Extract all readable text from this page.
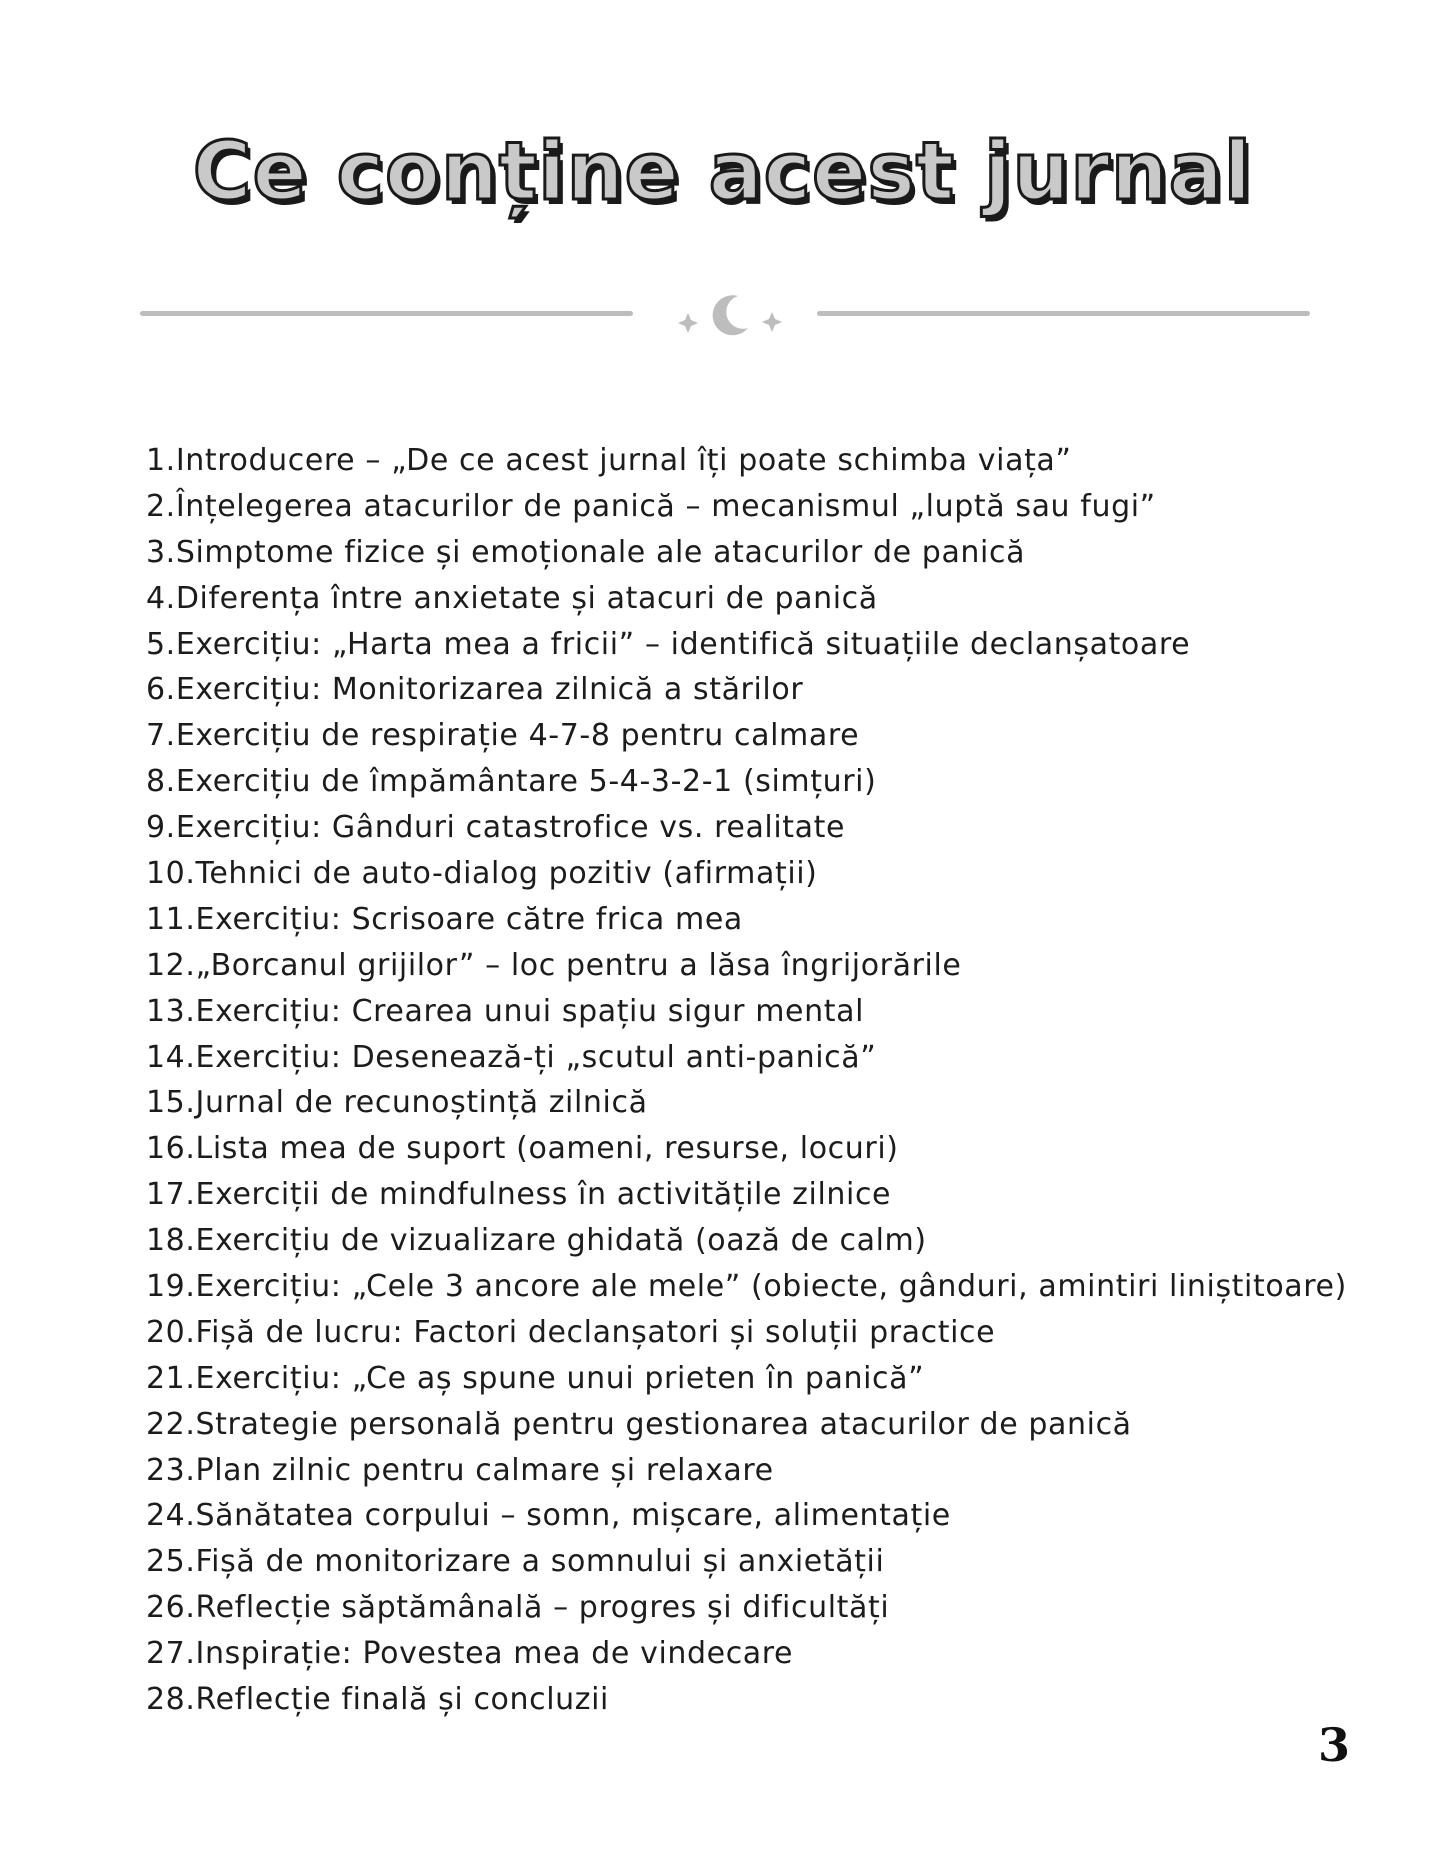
Ce conține acest jurnal
1.Introducere – „De ce acest jurnal îți poate schimba viața”
2.Înțelegerea atacurilor de panică – mecanismul „luptă sau fugi”
3.Simptome fizice și emoționale ale atacurilor de panică
4.Diferența între anxietate și atacuri de panică
5.Exercițiu: „Harta mea a fricii” – identifică situațiile declanșatoare
6.Exercițiu: Monitorizarea zilnică a stărilor
7.Exercițiu de respirație 4-7-8 pentru calmare
8.Exercițiu de împământare 5-4-3-2-1 (simțuri)
9.Exercițiu: Gânduri catastrofice vs. realitate
10.Tehnici de auto-dialog pozitiv (afirmații)
11.Exercițiu: Scrisoare către frica mea
12.„Borcanul grijilor” – loc pentru a lăsa îngrijorările
13.Exercițiu: Crearea unui spațiu sigur mental
14.Exercițiu: Desenează-ți „scutul anti-panică”
15.Jurnal de recunoștință zilnică
16.Lista mea de suport (oameni, resurse, locuri)
17.Exerciții de mindfulness în activitățile zilnice
18.Exercițiu de vizualizare ghidată (oază de calm)
19.Exercițiu: „Cele 3 ancore ale mele” (obiecte, gânduri, amintiri liniștitoare)
20.Fișă de lucru: Factori declanșatori și soluții practice
21.Exercițiu: „Ce aș spune unui prieten în panică”
22.Strategie personală pentru gestionarea atacurilor de panică
23.Plan zilnic pentru calmare și relaxare
24.Sănătatea corpului – somn, mișcare, alimentație
25.Fișă de monitorizare a somnului și anxietății
26.Reflecție săptămânală – progres și dificultăți
27.Inspirație: Povestea mea de vindecare
28.Reflecție finală și concluzii
3
